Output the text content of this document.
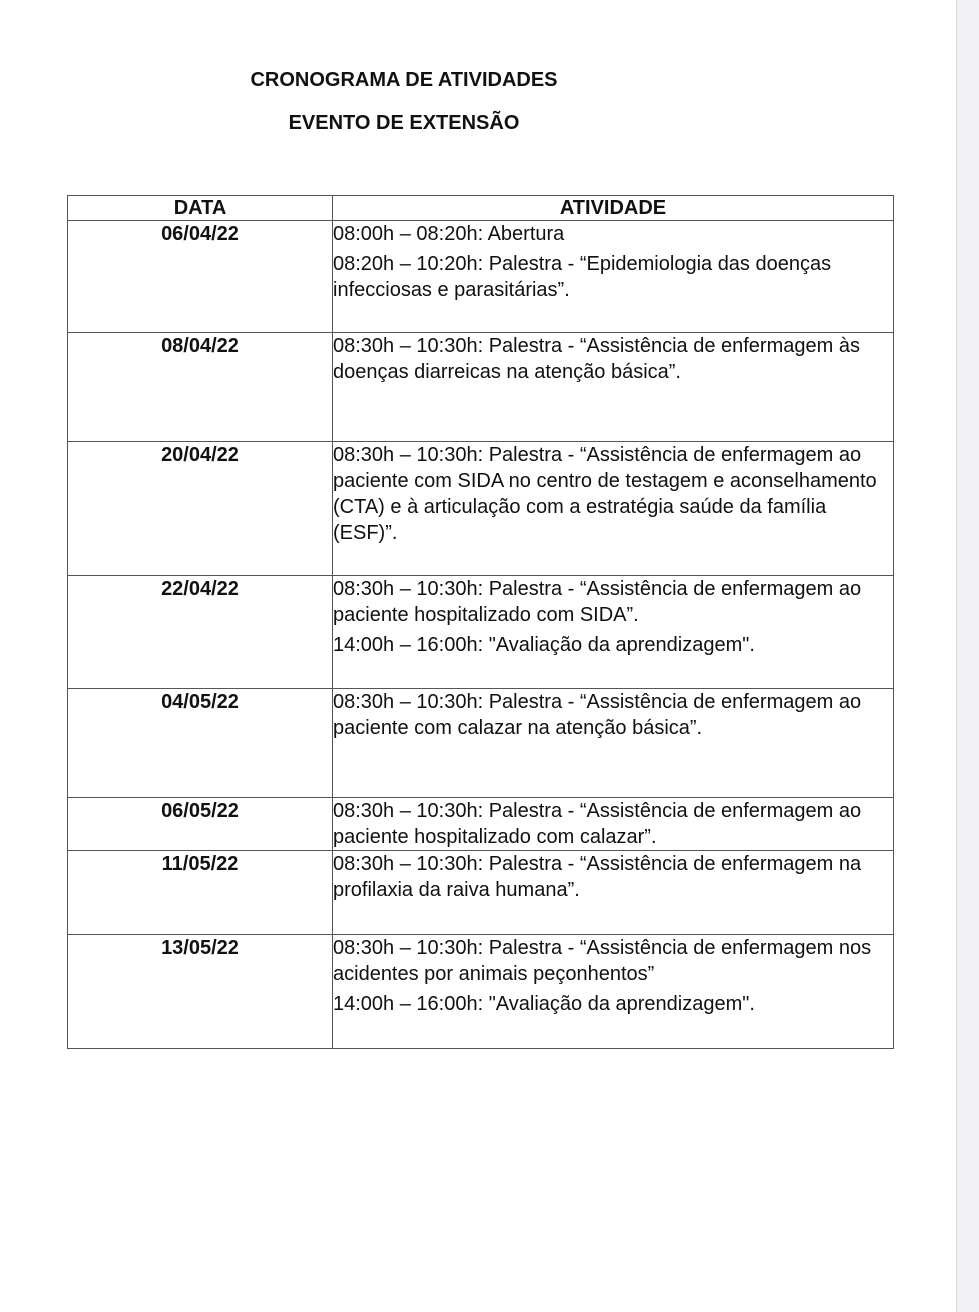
CRONOGRAMA DE ATIVIDADES
EVENTO DE EXTENSÃO
DATA	ATIVIDADE
06/04/22	08:00h – 08:20h: Abertura

08:20h – 10:20h: Palestra - “Epidemiologia das doenças infecciosas e parasitárias”.

08/04/22	08:30h – 10:30h: Palestra - “Assistência de enfermagem às doenças diarreicas na atenção básica”.

20/04/22	08:30h – 10:30h: Palestra - “Assistência de enfermagem ao paciente com SIDA no centro de testagem e aconselhamento (CTA) e à articulação com a estratégia saúde da família (ESF)”.

22/04/22	08:30h – 10:30h: Palestra - “Assistência de enfermagem ao paciente hospitalizado com SIDA”.

14:00h – 16:00h: "Avaliação da aprendizagem".

04/05/22	08:30h – 10:30h: Palestra - “Assistência de enfermagem ao paciente com calazar na atenção básica”.

06/05/22	08:30h – 10:30h: Palestra - “Assistência de enfermagem ao paciente hospitalizado com calazar”.

11/05/22	08:30h – 10:30h: Palestra - “Assistência de enfermagem na profilaxia da raiva humana”.

13/05/22	08:30h – 10:30h: Palestra - “Assistência de enfermagem nos acidentes por animais peçonhentos”

14:00h – 16:00h: "Avaliação da aprendizagem".
